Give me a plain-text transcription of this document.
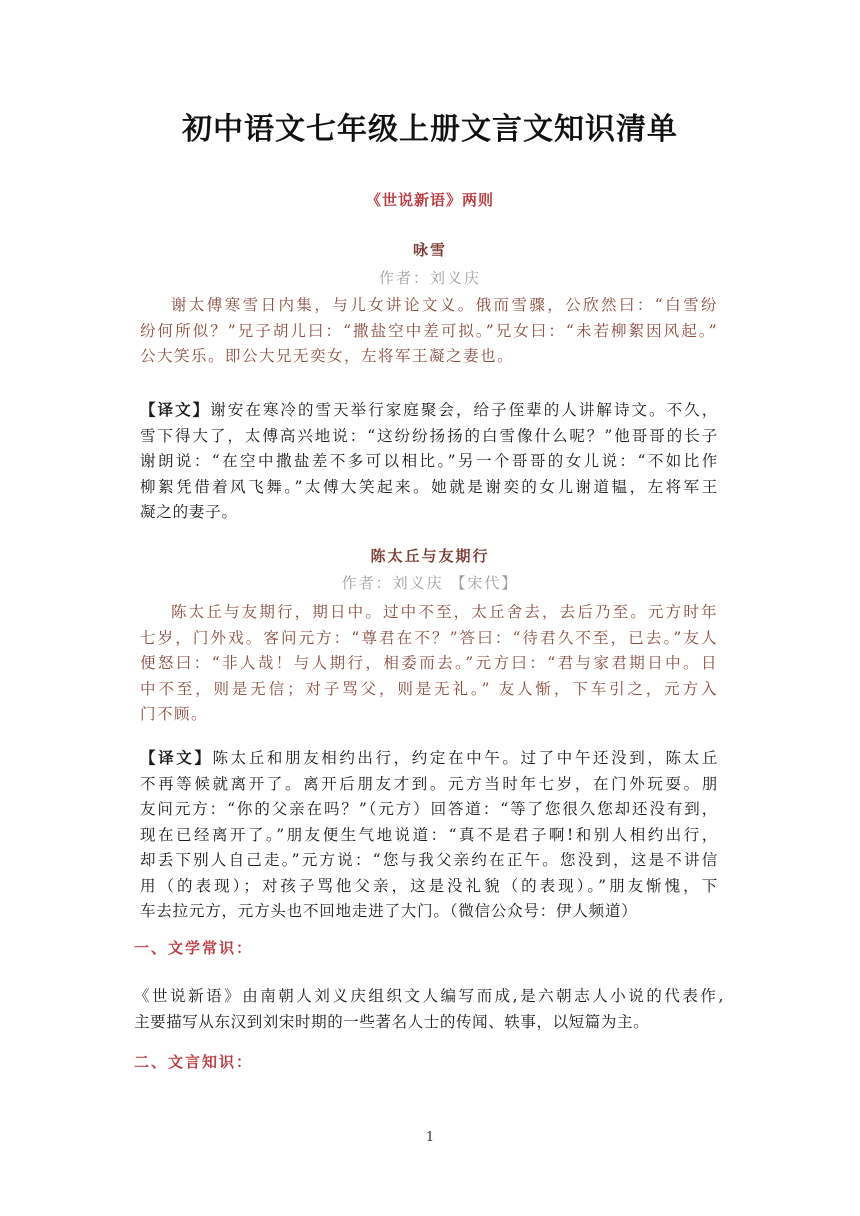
初中语文七年级上册文言文知识清单
《世说新语》两则
咏雪
作者：刘义庆
谢太傅寒雪日内集，与儿女讲论文义。俄而雪骤，公欣然曰：“白雪纷
纷何所似？”兄子胡儿曰：“撒盐空中差可拟。”兄女曰：“未若柳絮因风起。”
公大笑乐。即公大兄无奕女，左将军王凝之妻也。
【译文】谢安在寒冷的雪天举行家庭聚会，给子侄辈的人讲解诗文。不久，
雪下得大了，太傅高兴地说：“这纷纷扬扬的白雪像什么呢？”他哥哥的长子
谢朗说：“在空中撒盐差不多可以相比。”另一个哥哥的女儿说：“不如比作
柳絮凭借着风飞舞。”太傅大笑起来。她就是谢奕的女儿谢道韫，左将军王
凝之的妻子。
陈太丘与友期行
作者：刘义庆 【宋代】
陈太丘与友期行，期日中。过中不至，太丘舍去，去后乃至。元方时年
七岁，门外戏。客问元方：“尊君在不？”答曰：“待君久不至，已去。”友人
便怒曰：“非人哉！与人期行，相委而去。”元方曰：“君与家君期日中。日
中不至，则是无信；对子骂父，则是无礼。” 友人惭，下车引之，元方入
门不顾。
【译文】陈太丘和朋友相约出行，约定在中午。过了中午还没到，陈太丘
不再等候就离开了。离开后朋友才到。元方当时年七岁，在门外玩耍。朋
友问元方：“你的父亲在吗？”（元方）回答道：“等了您很久您却还没有到，
现在已经离开了。”朋友便生气地说道：“真不是君子啊!和别人相约出行，
却丢下别人自己走。”元方说：“您与我父亲约在正午。您没到，这是不讲信
用（的表现）；对孩子骂他父亲，这是没礼貌（的表现）。”朋友惭愧，下
车去拉元方，元方头也不回地走进了大门。（微信公众号：伊人频道）
一、文学常识：
《世说新语》由南朝人刘义庆组织文人编写而成,是六朝志人小说的代表作,
主要描写从东汉到刘宋时期的一些著名人士的传闻、轶事，以短篇为主。
二、文言知识：
1
